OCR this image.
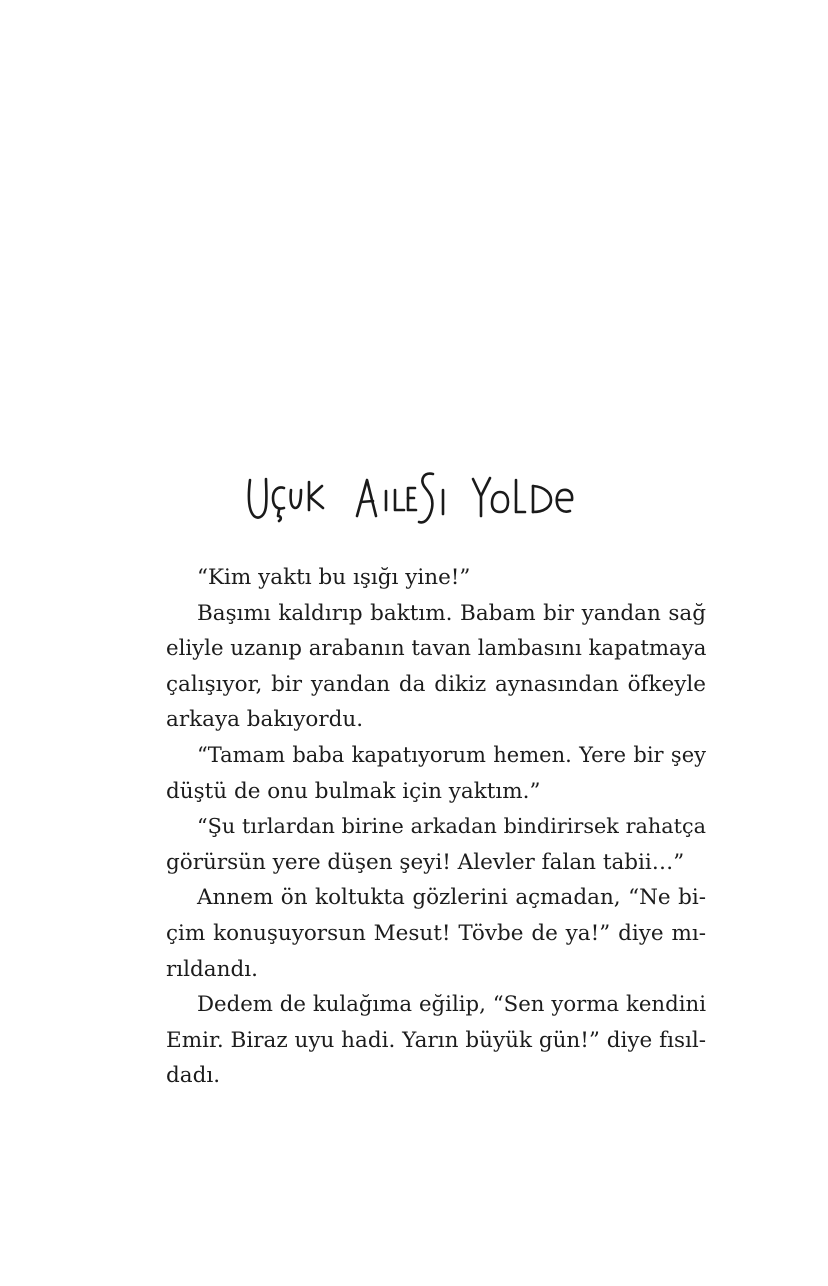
“Kim yaktı bu ışığı yine!”

Başımı kaldırıp baktım. Babam bir yandan sağ

eliyle uzanıp arabanın tavan lambasını kapatmaya

çalışıyor, bir yandan da dikiz aynasından öfkeyle

arkaya bakıyordu.

“Tamam baba kapatıyorum hemen. Yere bir şey

düştü de onu bulmak için yaktım.”

“Şu tırlardan birine arkadan bindirirsek rahatça

görürsün yere düşen şeyi! Alevler falan tabii…”

Annem ön koltukta gözlerini açmadan, “Ne bi-

çim konuşuyorsun Mesut! Tövbe de ya!” diye mı-

rıldandı.

Dedem de kulağıma eğilip, “Sen yorma kendini

Emir. Biraz uyu hadi. Yarın büyük gün!” diye fısıl-

dadı.
